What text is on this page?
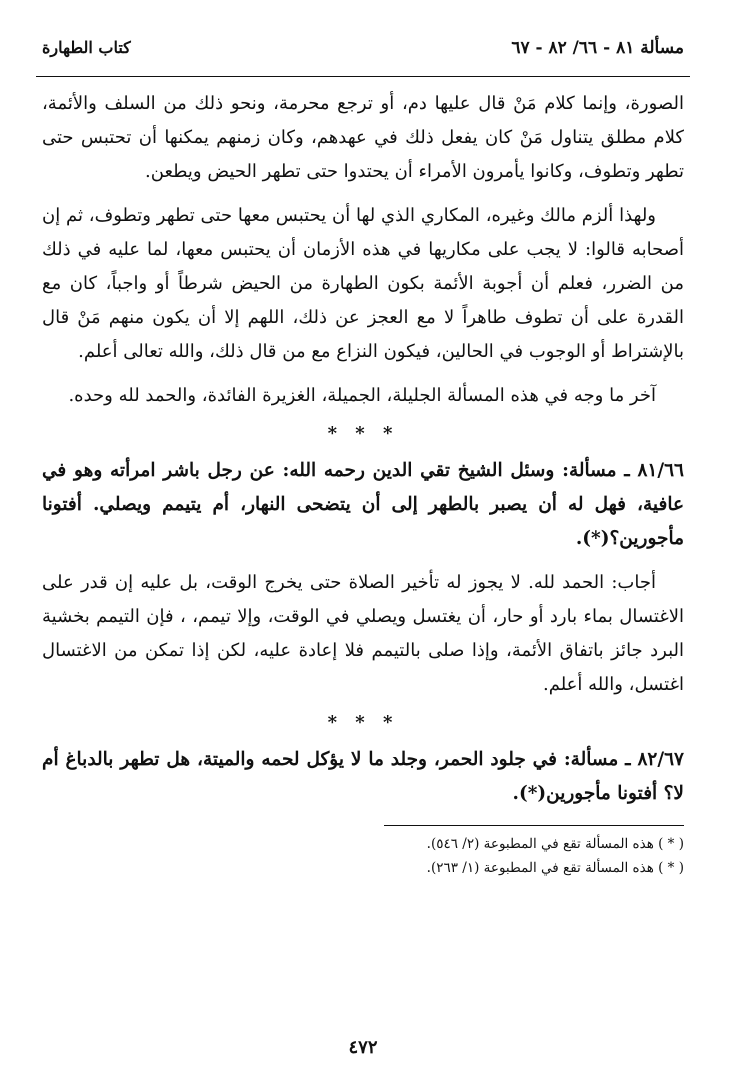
مسألة ٨١ - ٦٦/ ٨٢ - ٦٧
كتاب الطهارة

الصورة، وإنما كلام مَنْ قال عليها دم، أو ترجع محرمة، ونحو ذلك من السلف والأئمة، كلام مطلق يتناول مَنْ كان يفعل ذلك في عهدهم، وكان زمنهم يمكنها أن تحتبس حتى تطهر وتطوف، وكانوا يأمرون الأمراء أن يحتدوا حتى تطهر الحيض ويطعن.

ولهذا ألزم مالك وغيره، المكاري الذي لها أن يحتبس معها حتى تطهر وتطوف، ثم إن أصحابه قالوا: لا يجب على مكاريها في هذه الأزمان أن يحتبس معها، لما عليه في ذلك من الضرر، فعلم أن أجوبة الأئمة بكون الطهارة من الحيض شرطاً أو واجباً، كان مع القدرة على أن تطوف طاهراً لا مع العجز عن ذلك، اللهم إلا أن يكون منهم مَنْ قال بالإشتراط أو الوجوب في الحالين، فيكون النزاع مع من قال ذلك، والله تعالى أعلم.

آخر ما وجه في هذه المسألة الجليلة، الجميلة، الغزيرة الفائدة، والحمد لله وحده.

* * *

٨١/٦٦ ـ مسألة: وسئل الشيخ تقي الدين رحمه الله: عن رجل باشر امرأته وهو في عافية، فهل له أن يصبر بالطهر إلى أن يتضحى النهار، أم يتيمم ويصلي. أفتونا مأجورين؟(*).

أجاب: الحمد لله. لا يجوز له تأخير الصلاة حتى يخرج الوقت، بل عليه إن قدر على الاغتسال بماء بارد أو حار، أن يغتسل ويصلي في الوقت، وإلا تيمم، ، فإن التيمم بخشية البرد جائز باتفاق الأئمة، وإذا صلى بالتيمم فلا إعادة عليه، لكن إذا تمكن من الاغتسال اغتسل، والله أعلم.

* * *

٨٢/٦٧ ـ مسألة: في جلود الحمر، وجلد ما لا يؤكل لحمه والميتة، هل تطهر بالدباغ أم لا؟ أفتونا مأجورين(*).

( * ) هذه المسألة تقع في المطبوعة (٢/ ٥٤٦).

( * ) هذه المسألة تقع في المطبوعة (١/ ٢٦٣).

٤٧٢
